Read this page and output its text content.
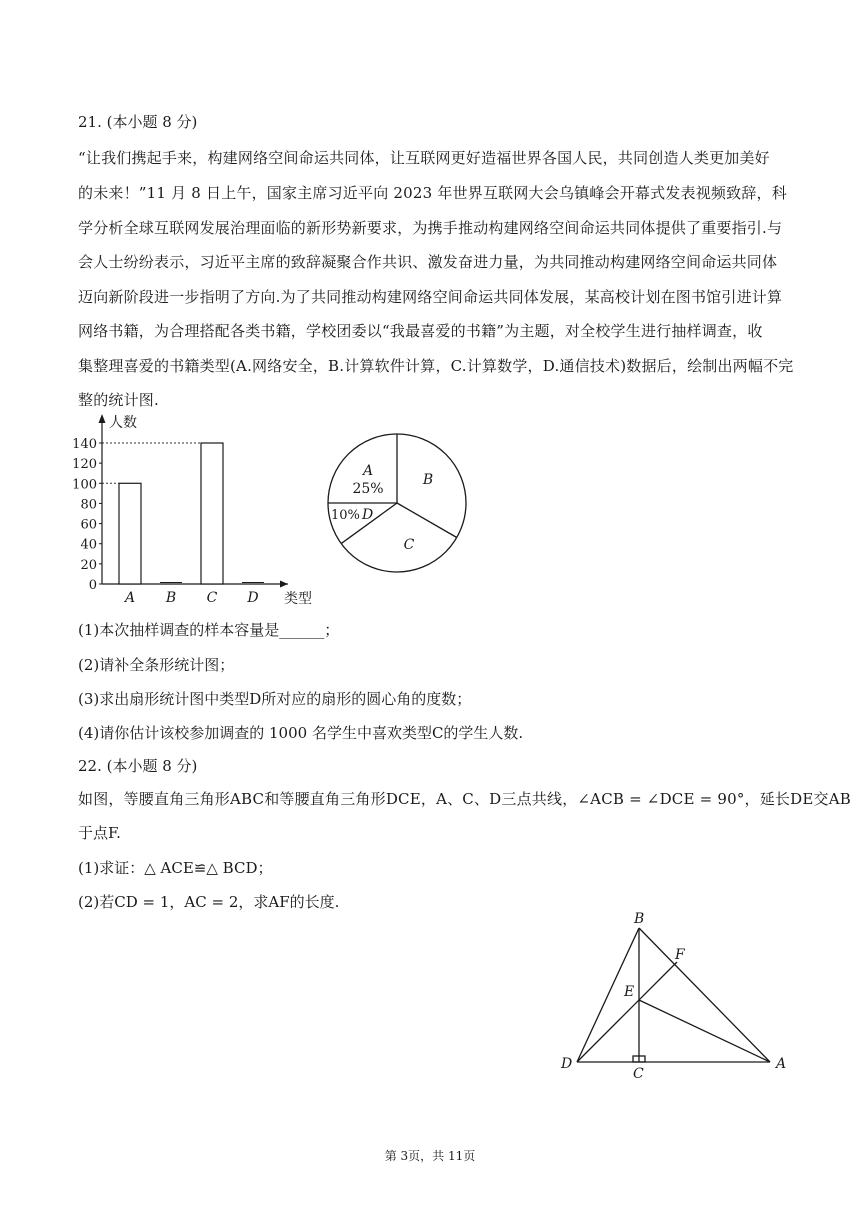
21. (本小题 8 分)
“让我们携起手来，构建网络空间命运共同体，让互联网更好造福世界各国人民，共同创造人类更加美好
的未来！”11 月 8 日上午，国家主席习近平向 2023 年世界互联网大会乌镇峰会开幕式发表视频致辞，科
学分析全球互联网发展治理面临的新形势新要求，为携手推动构建网络空间命运共同体提供了重要指引.与
会人士纷纷表示，习近平主席的致辞凝聚合作共识、激发奋进力量，为共同推动构建网络空间命运共同体
迈向新阶段进一步指明了方向.为了共同推动构建网络空间命运共同体发展，某高校计划在图书馆引进计算
网络书籍，为合理搭配各类书籍，学校团委以“我最喜爱的书籍”为主题，对全校学生进行抽样调查，收
集整理喜爱的书籍类型(A.网络安全，B.计算软件计算，C.计算数学，D.通信技术)数据后，绘制出两幅不完
整的统计图.
人数
类型
0
20
40
60
80
100
120
140
A B C D
A
25%
B
C
10% D
(1)本次抽样调查的样本容量是______；
(2)请补全条形统计图；
(3)求出扇形统计图中类型D所对应的扇形的圆心角的度数；
(4)请你估计该校参加调查的 1000 名学生中喜欢类型C的学生人数.
22. (本小题 8 分)
如图，等腰直角三角形ABC和等腰直角三角形DCE，A、C、D三点共线，∠ACB = ∠DCE = 90°，延长DE交AB
于点F.
(1)求证：△ ACE≌△ BCD；
(2)若CD = 1，AC = 2，求AF的长度.
B
F
E
D
C
A
第 3页，共 11页
